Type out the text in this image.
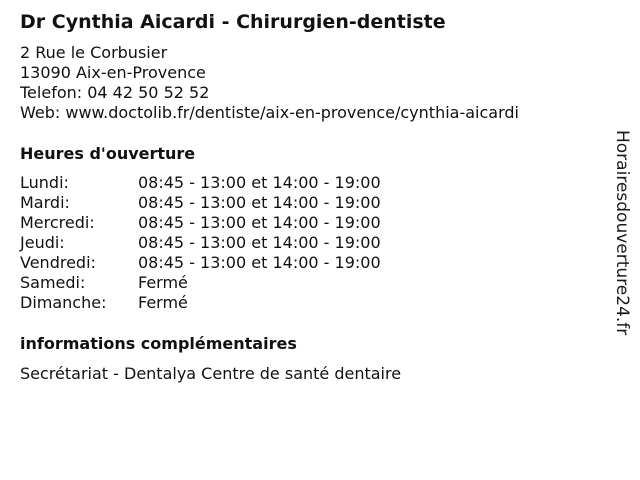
Dr Cynthia Aicardi - Chirurgien-dentiste
2 Rue le Corbusier
13090 Aix-en-Provence
Telefon: 04 42 50 52 52
Web: www.doctolib.fr/dentiste/aix-en-provence/cynthia-aicardi
Heures d'ouverture
Lundi:	08:45 - 13:00 et 14:00 - 19:00
Mardi:	08:45 - 13:00 et 14:00 - 19:00
Mercredi:	08:45 - 13:00 et 14:00 - 19:00
Jeudi:	08:45 - 13:00 et 14:00 - 19:00
Vendredi:	08:45 - 13:00 et 14:00 - 19:00
Samedi:	Fermé
Dimanche:	Fermé
informations complémentaires
Secrétariat - Dentalya Centre de santé dentaire
Horairesdouverture24.fr
